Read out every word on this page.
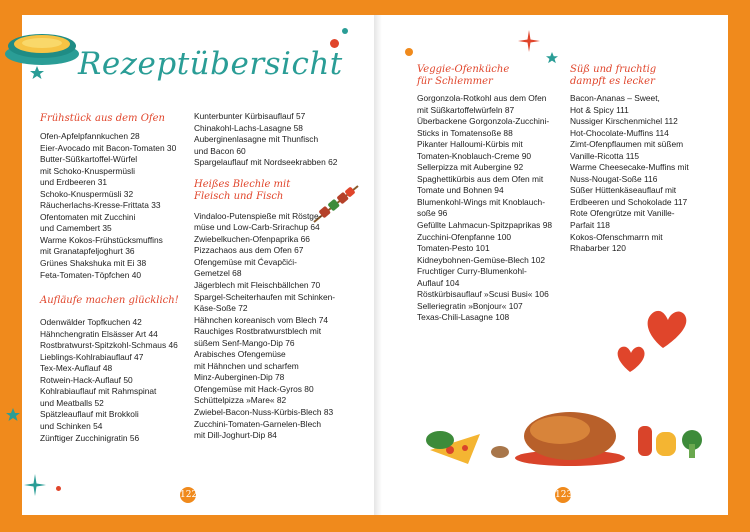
Rezeptübersicht
Frühstück aus dem Ofen
Ofen-Apfelpfannkuchen 28
Eier-Avocado mit Bacon-Tomaten 30
Butter-Süßkartoffel-Würfel
mit Schoko-Knuspermüsli
und Erdbeeren 31
Schoko-Knuspermüsli 32
Räucherlachs-Kresse-Frittata 33
Ofentomaten mit Zucchini
und Camembert 35
Warme Kokos-Frühstücksmuffins
mit Granatapfeljoghurt 36
Grünes Shakshuka mit Ei 38
Feta-Tomaten-Töpfchen 40
Aufläufe machen glücklich!
Odenwälder Topfkuchen 42
Hähnchengratin Elsässer Art 44
Rostbratwurst-Spitzkohl-Schmaus 46
Lieblings-Kohlrabiauflauf 47
Tex-Mex-Auflauf 48
Rotwein-Hack-Auflauf 50
Kohlrabiauflauf mit Rahmspinat
und Meatballs 52
Spätzleauflauf mit Brokkoli
und Schinken 54
Zünftiger Zucchinigratin 56
Kunterbunter Kürbisauflauf 57
Chinakohl-Lachs-Lasagne 58
Auberginenlasagne mit Thunfisch
und Bacon 60
Spargelauflauf mit Nordseekrabben 62
Heißes Blechle mit Fleisch und Fisch
Vindaloo-Putenspieße mit Röstge-
müse und Low-Carb-Srirachup 64
Zwiebelkuchen-Ofenpaprika 66
Pizzachaos aus dem Ofen 67
Ofengemüse mit Ćevapčići-
Gemetzel 68
Jägerblech mit Fleischbällchen 70
Spargel-Scheiterhaufen mit Schinken-
Käse-Soße 72
Hähnchen koreanisch vom Blech 74
Rauchiges Rostbratwurstblech mit
süßem Senf-Mango-Dip 76
Arabisches Ofengemüse
mit Hähnchen und scharfem
Minz-Auberginen-Dip 78
Ofengemüse mit Hack-Gyros 80
Schüttelpizza »Mare« 82
Zwiebel-Bacon-Nuss-Kürbis-Blech 83
Zucchini-Tomaten-Garnelen-Blech
mit Dill-Joghurt-Dip 84
Veggie-Ofenküche für Schlemmer
Gorgonzola-Rotkohl aus dem Ofen
mit Süßkartoffelwürfeln 87
Überbackene Gorgonzola-Zucchini-
Sticks in Tomatensoße 88
Pikanter Halloumi-Kürbis mit
Tomaten-Knoblauch-Creme 90
Sellerpizza mit Aubergine 92
Spaghettikürbis aus dem Ofen mit
Tomate und Bohnen 94
Blumenkohl-Wings mit Knoblauch-
soße 96
Gefüllte Lahmacun-Spitzpaprikas 98
Zucchini-Ofenpfanne 100
Tomaten-Pesto 101
Kidneybohnen-Gemüse-Blech 102
Fruchtiger Curry-Blumenkohl-
Auflauf 104
Röstkürbisauflauf »Scusi Busi« 106
Selleriegratin »Bonjour« 107
Texas-Chili-Lasagne 108
Süß und fruchtig dampft es lecker
Bacon-Ananas – Sweet,
Hot & Spicy 111
Nussiger Kirschenmichel 112
Hot-Chocolate-Muffins 114
Zimt-Ofenpflaumen mit süßem
Vanille-Ricotta 115
Warme Cheesecake-Muffins mit
Nuss-Nougat-Soße 116
Süßer Hüttenkäseauflauf mit
Erdbeeren und Schokolade 117
Rote Ofengrütze mit Vanille-
Parfait 118
Kokos-Ofenschmarrn mit
Rhabarber 120
122	123
